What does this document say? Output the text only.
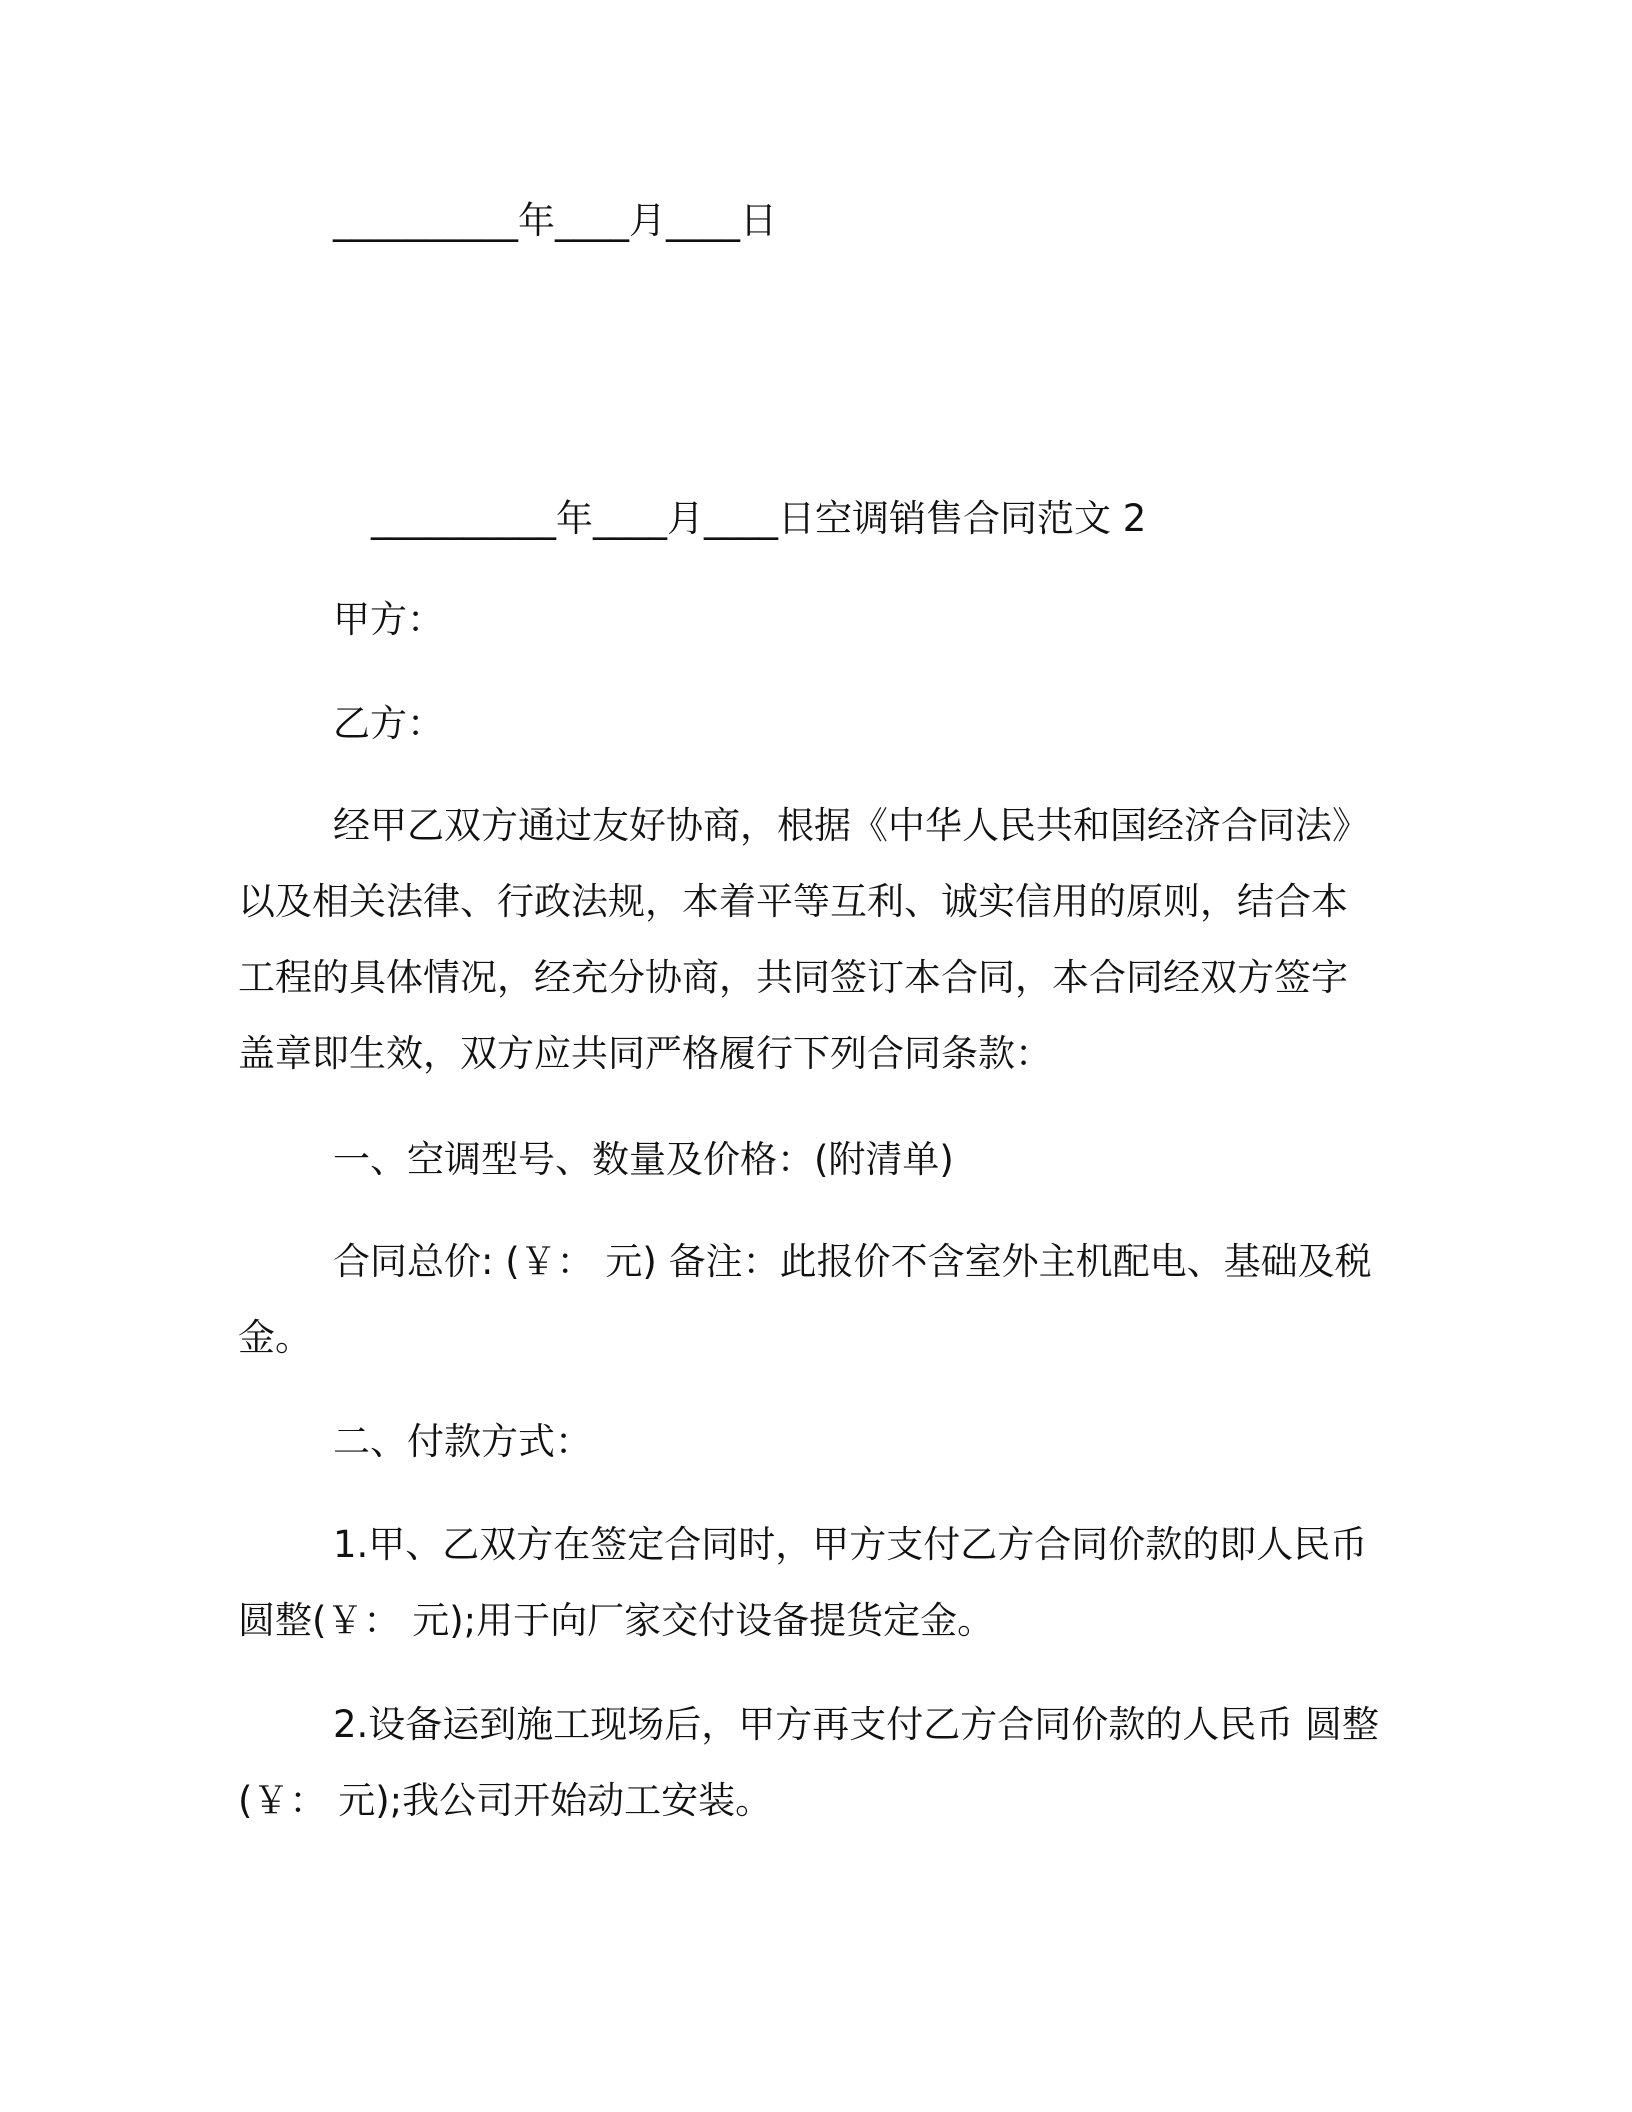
__________年____月____日
__________年____月____日空调销售合同范文 2
甲方：
乙方：
经甲乙双方通过友好协商，根据《中华人民共和国经济合同法》
以及相关法律、行政法规，本着平等互利、诚实信用的原则，结合本
工程的具体情况，经充分协商，共同签订本合同，本合同经双方签字
盖章即生效，双方应共同严格履行下列合同条款：
一、空调型号、数量及价格：(附清单)
合同总价: (￥： 元) 备注：此报价不含室外主机配电、基础及税
金。
二、付款方式：
1.甲、乙双方在签定合同时，甲方支付乙方合同价款的即人民币
圆整(￥： 元);用于向厂家交付设备提货定金。
2.设备运到施工现场后，甲方再支付乙方合同价款的人民币 圆整
(￥： 元);我公司开始动工安装。
